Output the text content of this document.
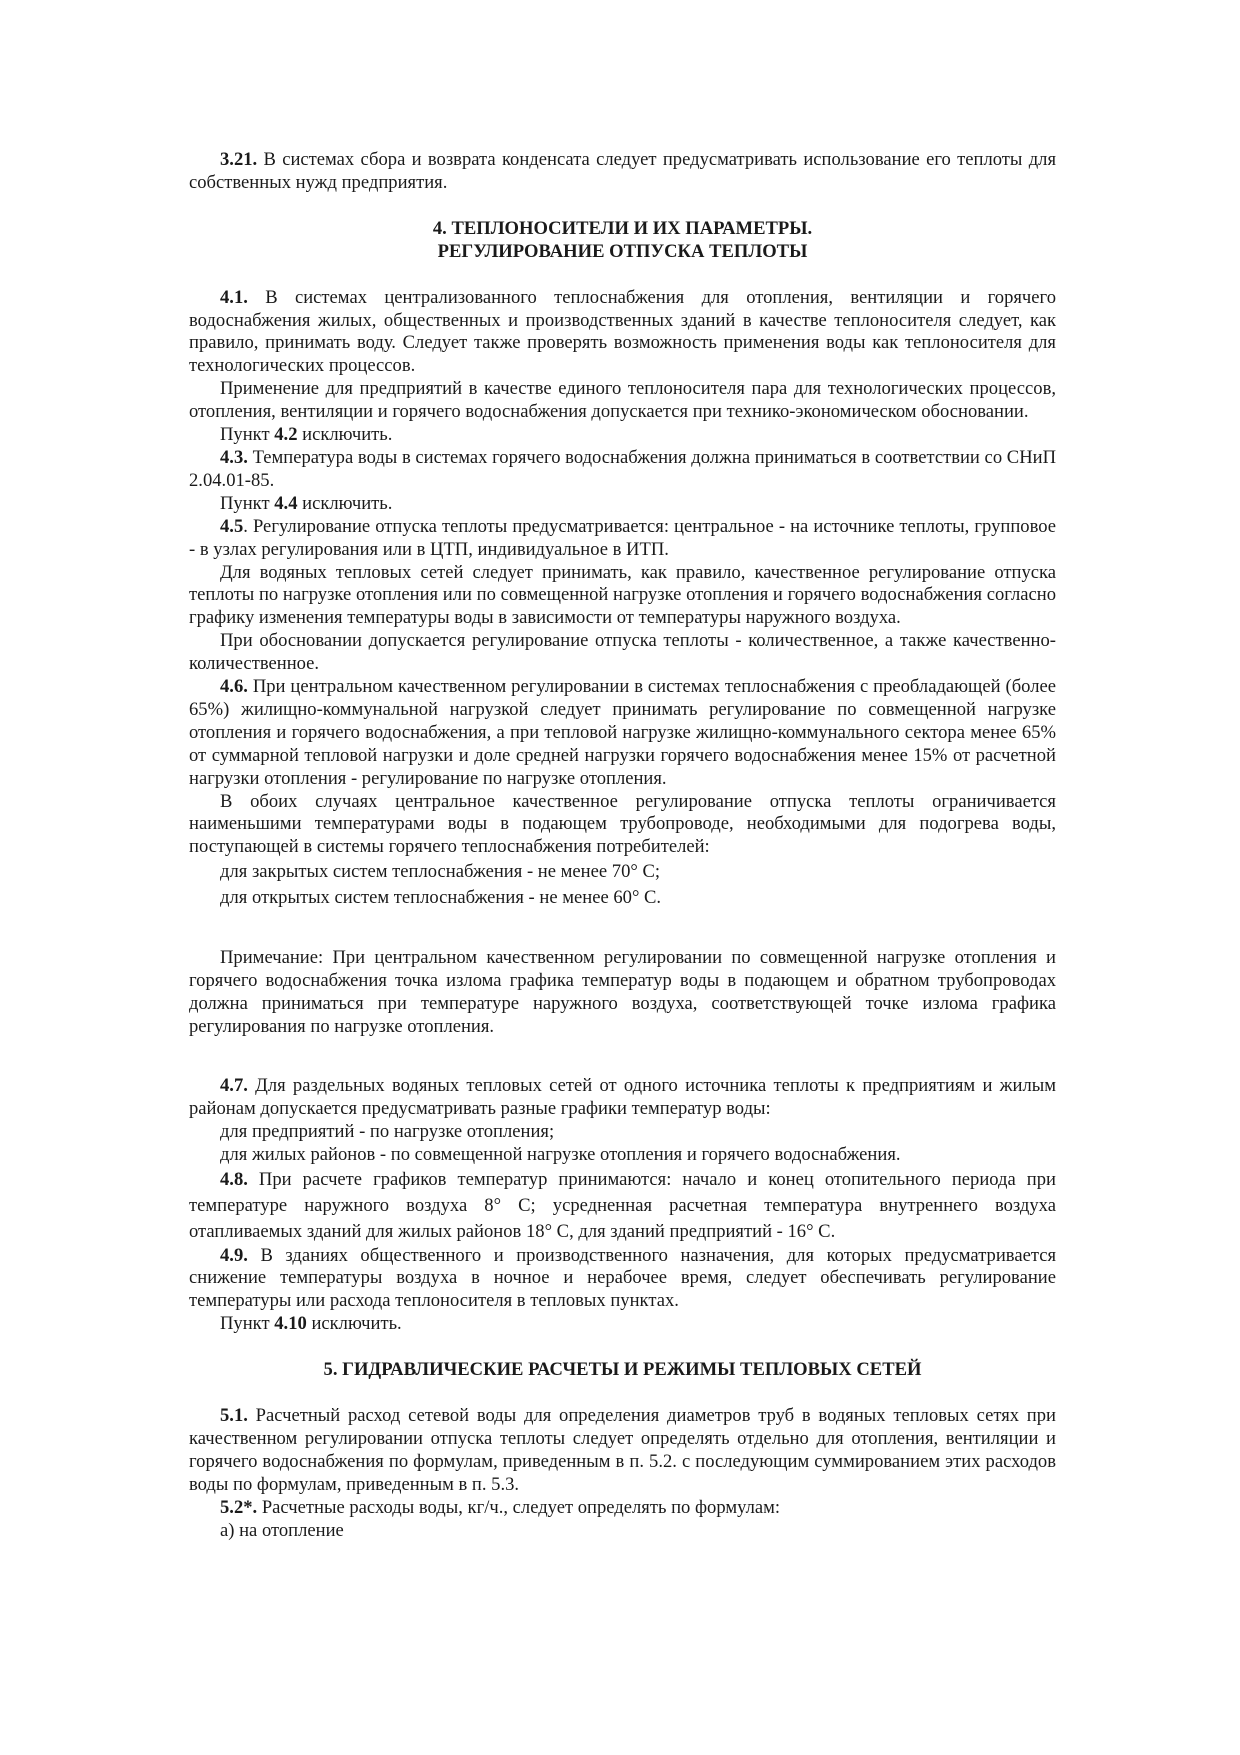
3.21. В системах сбора и возврата конденсата следует предусматривать использование его теплоты для собственных нужд предприятия.

4. ТЕПЛОНОСИТЕЛИ И ИХ ПАРАМЕТРЫ.
РЕГУЛИРОВАНИЕ ОТПУСКА ТЕПЛОТЫ

4.1. В системах централизованного теплоснабжения для отопления, вентиляции и горячего водоснабжения жилых, общественных и производственных зданий в качестве теплоносителя следует, как правило, принимать воду. Следует также проверять возможность применения воды как теплоносителя для технологических процессов.

Применение для предприятий в качестве единого теплоносителя пара для технологических процессов, отопления, вентиляции и горячего водоснабжения допускается при технико-экономическом обосновании.

Пункт 4.2 исключить.

4.3. Температура воды в системах горячего водоснабжения должна приниматься в соответствии со СНиП 2.04.01-85.

Пункт 4.4 исключить.

4.5. Регулирование отпуска теплоты предусматривается: центральное - на источнике теплоты, групповое - в узлах регулирования или в ЦТП, индивидуальное в ИТП.

Для водяных тепловых сетей следует принимать, как правило, качественное регулирование отпуска теплоты по нагрузке отопления или по совмещенной нагрузке отопления и горячего водоснабжения согласно графику изменения температуры воды в зависимости от температуры наружного воздуха.

При обосновании допускается регулирование отпуска теплоты - количественное, а также качественно-количественное.

4.6. При центральном качественном регулировании в системах теплоснабжения с преобладающей (более 65%) жилищно-коммунальной нагрузкой следует принимать регулирование по совмещенной нагрузке отопления и горячего водоснабжения, а при тепловой нагрузке жилищно-коммунального сектора менее 65% от суммарной тепловой нагрузки и доле средней нагрузки горячего водоснабжения менее 15% от расчетной нагрузки отопления - регулирование по нагрузке отопления.

В обоих случаях центральное качественное регулирование отпуска теплоты ограничивается наименьшими температурами воды в подающем трубопроводе, необходимыми для подогрева воды, поступающей в системы горячего теплоснабжения потребителей:

для закрытых систем теплоснабжения - не менее 70° С;

для открытых систем теплоснабжения - не менее 60° С.

Примечание: При центральном качественном регулировании по совмещенной нагрузке отопления и горячего водоснабжения точка излома графика температур воды в подающем и обратном трубопроводах должна приниматься при температуре наружного воздуха, соответствующей точке излома графика регулирования по нагрузке отопления.

4.7. Для раздельных водяных тепловых сетей от одного источника теплоты к предприятиям и жилым районам допускается предусматривать разные графики температур воды:

для предприятий - по нагрузке отопления;

для жилых районов - по совмещенной нагрузке отопления и горячего водоснабжения.

4.8. При расчете графиков температур принимаются: начало и конец отопительного периода при температуре наружного воздуха 8° С; усредненная расчетная температура внутреннего воздуха отапливаемых зданий для жилых районов 18° С, для зданий предприятий - 16° С.

4.9. В зданиях общественного и производственного назначения, для которых предусматривается снижение температуры воздуха в ночное и нерабочее время, следует обеспечивать регулирование температуры или расхода теплоносителя в тепловых пунктах.

Пункт 4.10 исключить.

5. ГИДРАВЛИЧЕСКИЕ РАСЧЕТЫ И РЕЖИМЫ ТЕПЛОВЫХ СЕТЕЙ

5.1. Расчетный расход сетевой воды для определения диаметров труб в водяных тепловых сетях при качественном регулировании отпуска теплоты следует определять отдельно для отопления, вентиляции и горячего водоснабжения по формулам, приведенным в п. 5.2. с последующим суммированием этих расходов воды по формулам, приведенным в п. 5.3.

5.2*. Расчетные расходы воды, кг/ч., следует определять по формулам:

а) на отопление
